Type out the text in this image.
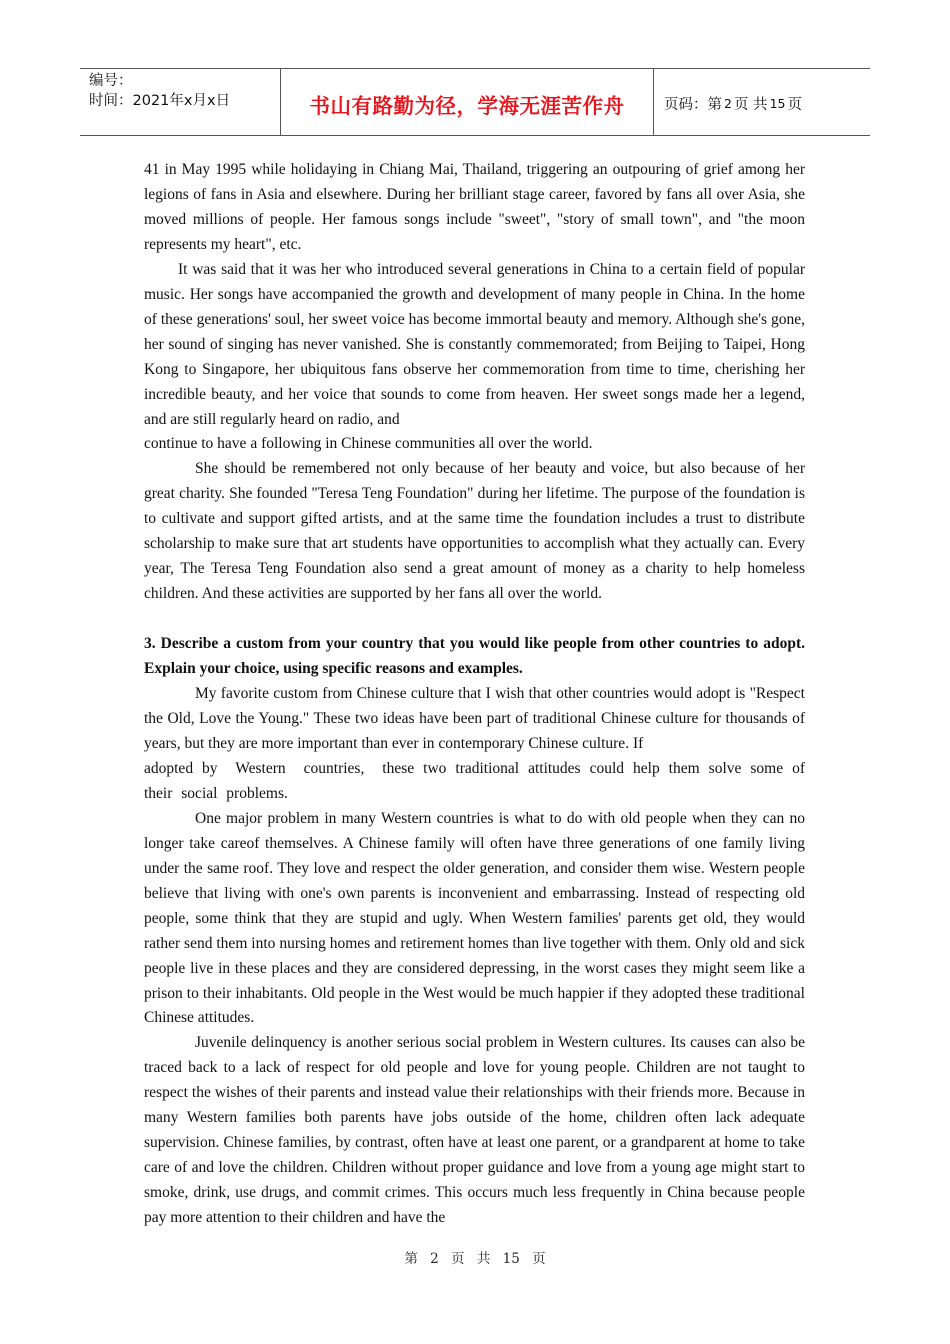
编号：
时间：2021年x月x日	书山有路勤为径，学海无涯苦作舟	页码：第 2 页 共 15 页

41 in May 1995 while holidaying in Chiang Mai, Thailand, triggering an outpouring of grief among her legions of fans in Asia and elsewhere. During her brilliant stage career, favored by fans all over Asia, she moved millions of people. Her famous songs include "sweet", "story of small town", and "the moon represents my heart", etc.

It was said that it was her who introduced several generations in China to a certain field of popular music. Her songs have accompanied the growth and development of many people in China. In the home of these generations' soul, her sweet voice has become immortal beauty and memory. Although she's gone, her sound of singing has never vanished. She is constantly commemorated; from Beijing to Taipei, Hong Kong to Singapore, her ubiquitous fans observe her commemoration from time to time, cherishing her incredible beauty, and her voice that sounds to come from heaven. Her sweet songs made her a legend, and are still regularly heard on radio, and

continue to have a following in Chinese communities all over the world.

She should be remembered not only because of her beauty and voice, but also because of her great charity. She founded "Teresa Teng Foundation" during her lifetime. The purpose of the foundation is to cultivate and support gifted artists, and at the same time the foundation includes a trust to distribute scholarship to make sure that art students have opportunities to accomplish what they actually can. Every year, The Teresa Teng Foundation also send a great amount of money as a charity to help homeless children. And these activities are supported by her fans all over the world.

3. Describe a custom from your country that you would like people from other countries to adopt. Explain your choice, using specific reasons and examples.

My favorite custom from Chinese culture that I wish that other countries would adopt is "Respect the Old, Love the Young." These two ideas have been part of traditional Chinese culture for thousands of years, but they are more important than ever in contemporary Chinese culture. If

adopted by  Western  countries,  these two traditional attitudes could help them solve some of their social problems.

One major problem in many Western countries is what to do with old people when they can no longer take careof themselves. A Chinese family will often have three generations of one family living under the same roof. They love and respect the older generation, and consider them wise. Western people believe that living with one's own parents is inconvenient and embarrassing. Instead of respecting old people, some think that they are stupid and ugly. When Western families' parents get old, they would rather send them into nursing homes and retirement homes than live together with them. Only old and sick people live in these places and they are considered depressing, in the worst cases they might seem like a prison to their inhabitants. Old people in the West would be much happier if they adopted these traditional Chinese attitudes.

Juvenile delinquency is another serious social problem in Western cultures. Its causes can also be traced back to a lack of respect for old people and love for young people. Children are not taught to respect the wishes of their parents and instead value their relationships with their friends more. Because in many Western families both parents have jobs outside of the home, children often lack adequate supervision. Chinese families, by contrast, often have at least one parent, or a grandparent at home to take care of and love the children. Children without proper guidance and love from a young age might start to smoke, drink, use drugs, and commit crimes. This occurs much less frequently in China because people pay more attention to their children and have the

第 2 页 共 15 页
